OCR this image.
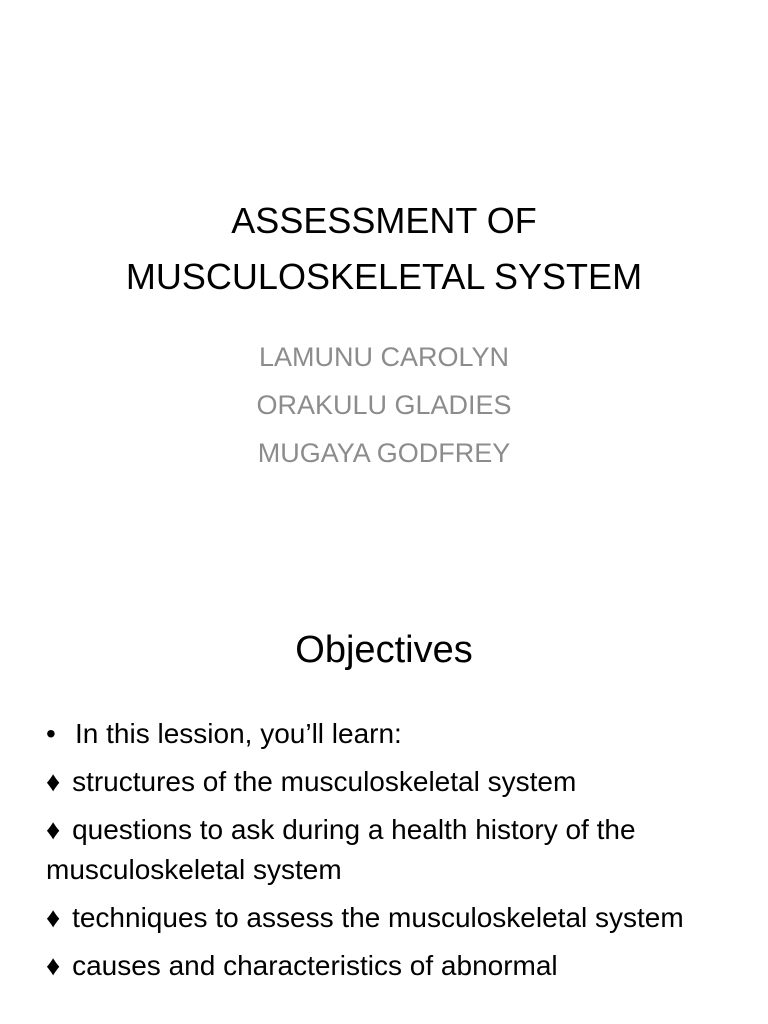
ASSESSMENT OF
MUSCULOSKELETAL SYSTEM
LAMUNU CAROLYN
ORAKULU GLADIES
MUGAYA GODFREY
Objectives
• In this lession, you’ll learn:
♦ structures of the musculoskeletal system
♦ questions to ask during a health history of the musculoskeletal system
♦ techniques to assess the musculoskeletal system
♦ causes and characteristics of abnormal
